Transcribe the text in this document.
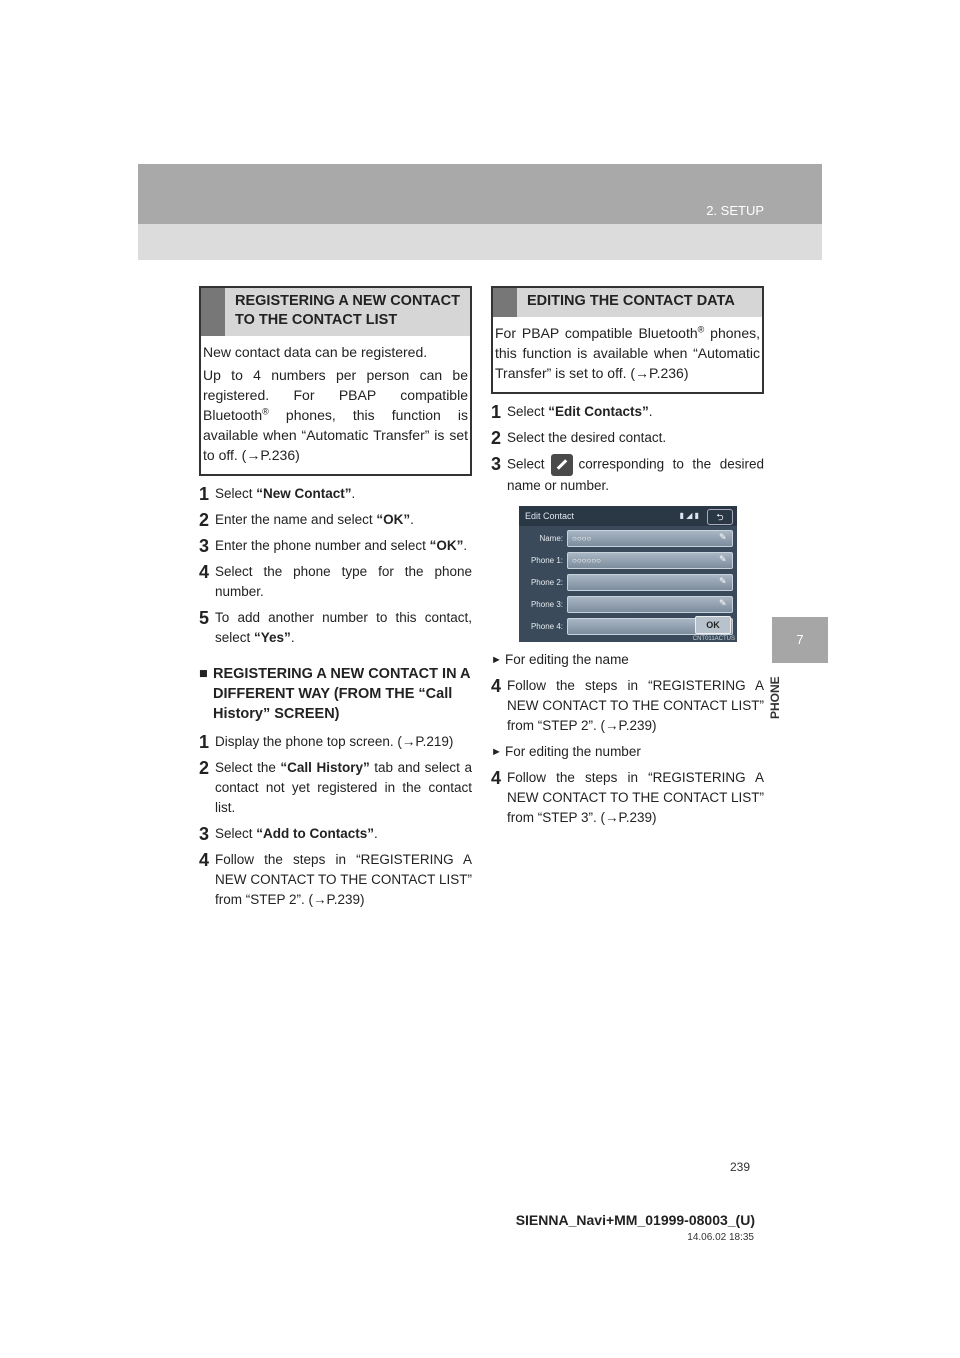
2. SETUP
7
PHONE
REGISTERING A NEW CONTACT TO THE CONTACT LIST

New contact data can be registered.

Up to 4 numbers per person can be registered. For PBAP compatible Bluetooth® phones, this function is available when “Automatic Transfer” is set to off. (→P.236)

1 Select “New Contact”.
2 Enter the name and select “OK”.
3 Enter the phone number and select “OK”.
4 Select the phone type for the phone number.
5 To add another number to this contact, select “Yes”.
■ REGISTERING A NEW CONTACT IN A DIFFERENT WAY (FROM THE “Call History” SCREEN)
1 Display the phone top screen. (→P.219)
2 Select the “Call History” tab and select a contact not yet registered in the contact list.
3 Select “Add to Contacts”.
4 Follow the steps in “REGISTERING A NEW CONTACT TO THE CONTACT LIST” from “STEP 2”. (→P.239)
EDITING THE CONTACT DATA

For PBAP compatible Bluetooth® phones, this function is available when “Automatic Transfer” is set to off. (→P.236)

1 Select “Edit Contacts”.
2 Select the desired contact.
3 Select	corresponding to the desired name or number.
Edit Contact	▮ ◢ ▮	⮌
Name:	○○○○	✎
Phone 1:	○○○○○○	✎
Phone 2:	✎
Phone 3:	✎
Phone 4:	OK
CNT011ACTUS
► For editing the name
4 Follow the steps in “REGISTERING A NEW CONTACT TO THE CONTACT LIST” from “STEP 2”. (→P.239)
► For editing the number
4 Follow the steps in “REGISTERING A NEW CONTACT TO THE CONTACT LIST” from “STEP 3”. (→P.239)
239
SIENNA_Navi+MM_01999-08003_(U)
14.06.02 18:35
